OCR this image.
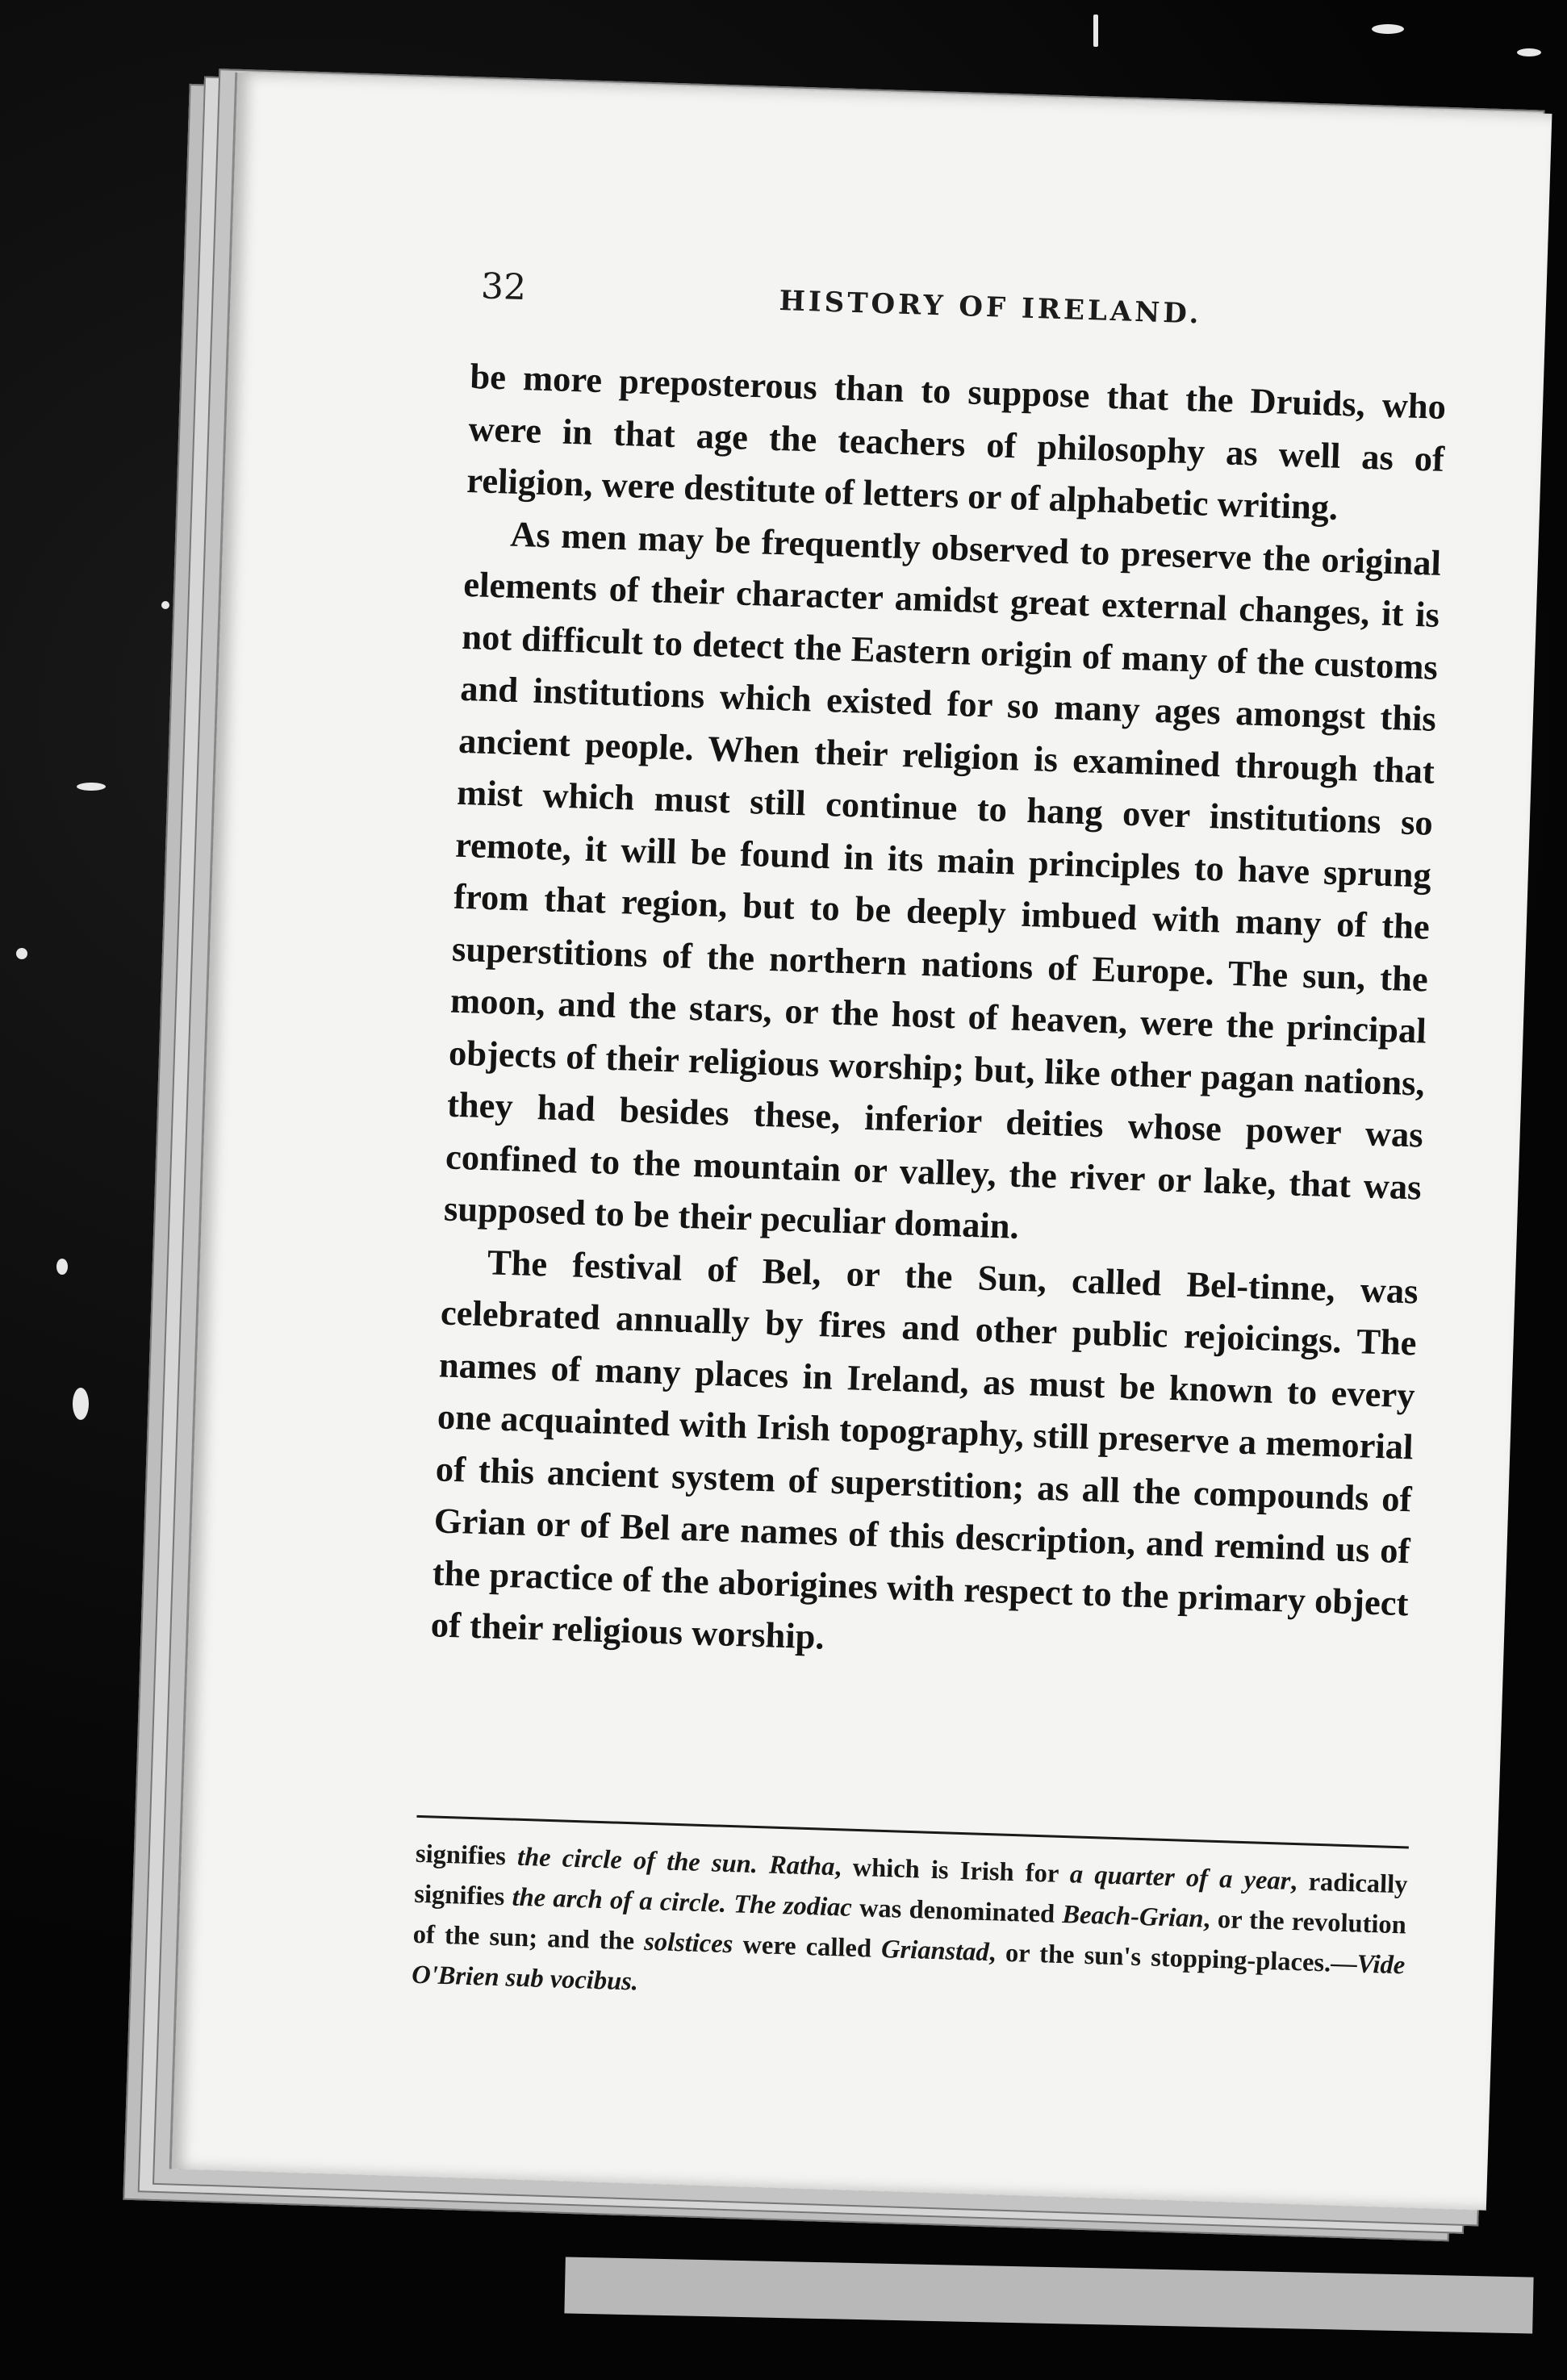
32	HISTORY OF IRELAND.

be more preposterous than to suppose that the Druids, who were in that age the teachers of philosophy as well as of religion, were destitute of letters or of alphabetic writing.

As men may be frequently observed to preserve the original elements of their character amidst great external changes, it is not difficult to detect the Eastern origin of many of the customs and institutions which existed for so many ages amongst this ancient people. When their religion is examined through that mist which must still continue to hang over institutions so remote, it will be found in its main principles to have sprung from that region, but to be deeply imbued with many of the superstitions of the northern nations of Europe. The sun, the moon, and the stars, or the host of heaven, were the principal objects of their religious worship; but, like other pagan nations, they had besides these, inferior deities whose power was confined to the mountain or valley, the river or lake, that was supposed to be their peculiar domain.

The festival of Bel, or the Sun, called Bel-tinne, was celebrated annually by fires and other public rejoicings. The names of many places in Ireland, as must be known to every one acquainted with Irish topography, still preserve a memorial of this ancient system of superstition; as all the compounds of Grian or of Bel are names of this description, and remind us of the practice of the aborigines with respect to the primary object of their religious worship.

signifies the circle of the sun. Ratha, which is Irish for a quarter of a year, radically signifies the arch of a circle. The zodiac was denominated Beach-Grian, or the revolution of the sun; and the solstices were called Grianstad, or the sun's stopping-places.—Vide O'Brien sub vocibus.
